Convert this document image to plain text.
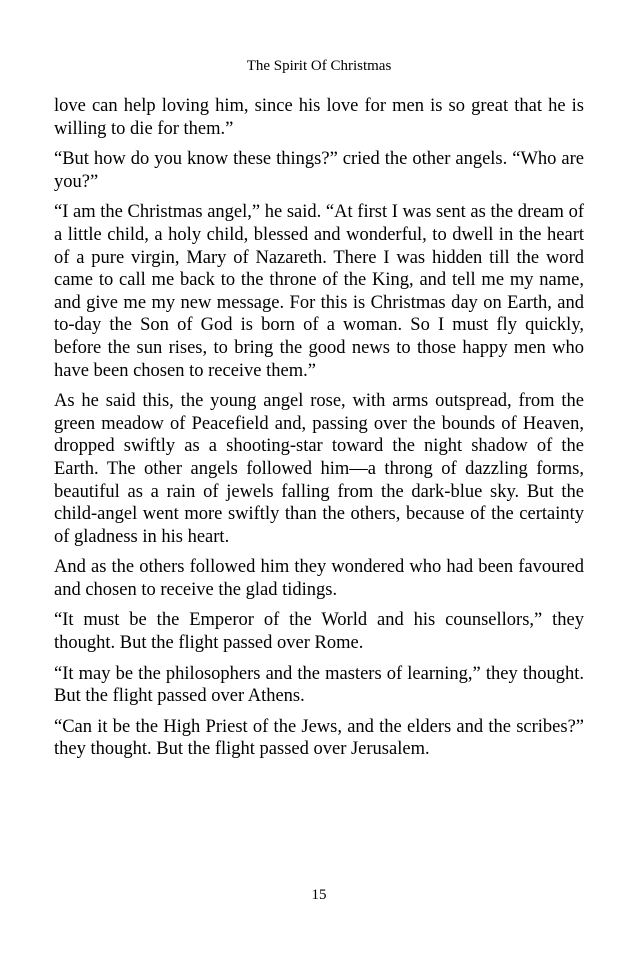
The Spirit Of Christmas

love can help loving him, since his love for men is so great that he is willing to die for them.”

“But how do you know these things?” cried the other angels. “Who are you?”

“I am the Christmas angel,” he said. “At first I was sent as the dream of a little child, a holy child, blessed and wonderful, to dwell in the heart of a pure virgin, Mary of Nazareth. There I was hidden till the word came to call me back to the throne of the King, and tell me my name, and give me my new message. For this is Christmas day on Earth, and to-day the Son of God is born of a woman. So I must fly quickly, before the sun rises, to bring the good news to those happy men who have been chosen to receive them.”

As he said this, the young angel rose, with arms outspread, from the green meadow of Peacefield and, passing over the bounds of Heaven, dropped swiftly as a shooting-star toward the night shadow of the Earth. The other angels followed him—a throng of dazzling forms, beautiful as a rain of jewels falling from the dark-blue sky. But the child-angel went more swiftly than the others, because of the certainty of gladness in his heart.

And as the others followed him they wondered who had been favoured and chosen to receive the glad tidings.

“It must be the Emperor of the World and his counsellors,” they thought. But the flight passed over Rome.

“It may be the philosophers and the masters of learning,” they thought. But the flight passed over Athens.

“Can it be the High Priest of the Jews, and the elders and the scribes?” they thought. But the flight passed over Jerusalem.

15
